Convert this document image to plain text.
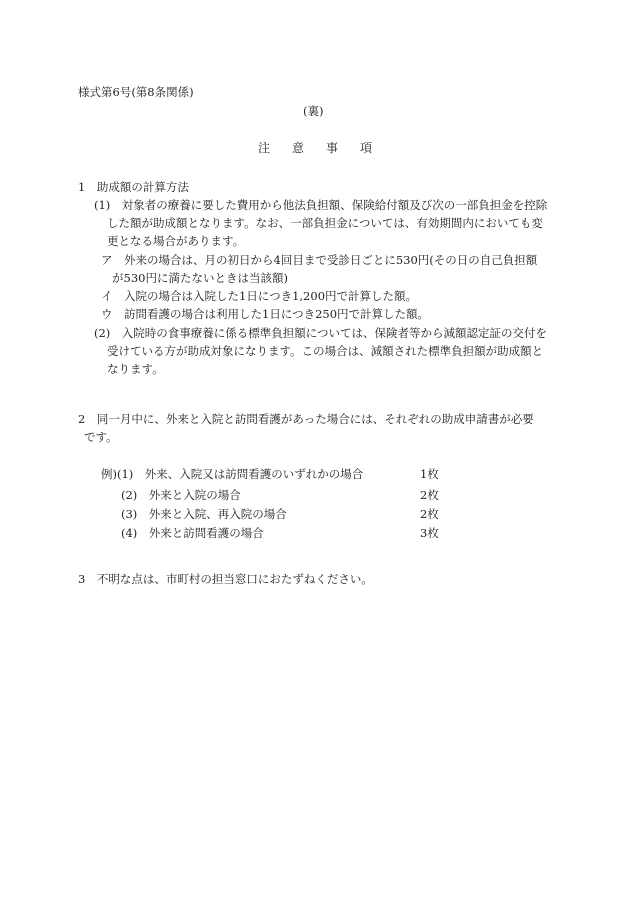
様式第6号(第8条関係)

(裏)

注 意 事 項

1　助成額の計算方法

(1)　対象者の療養に要した費用から他法負担額、保険給付額及び次の一部負担金を控除

した額が助成額となります。なお、一部負担金については、有効期間内においても変

更となる場合があります。

ア　外来の場合は、月の初日から4回目まで受診日ごとに530円(その日の自己負担額

が530円に満たないときは当該額)

イ　入院の場合は入院した1日につき1,200円で計算した額。

ウ　訪問看護の場合は利用した1日につき250円で計算した額。

(2)　入院時の食事療養に係る標準負担額については、保険者等から減額認定証の交付を

受けている方が助成対象になります。この場合は、減額された標準負担額が助成額と

なります。

2　同一月中に、外来と入院と訪問看護があった場合には、それぞれの助成申請書が必要

です。

例)(1)　外来、入院又は訪問看護のいずれかの場合	1枚

(2)　外来と入院の場合	2枚

(3)　外来と入院、再入院の場合	2枚

(4)　外来と訪問看護の場合	3枚

3　不明な点は、市町村の担当窓口におたずねください。
